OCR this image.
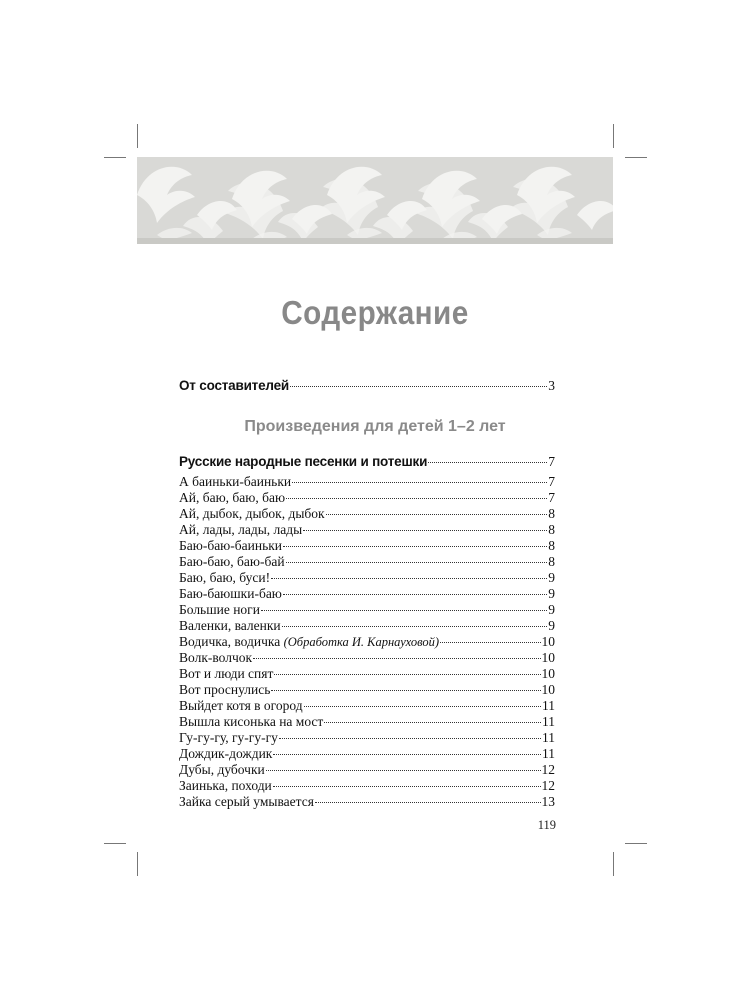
Содержание
От составителей	3
Произведения для детей 1–2 лет
Русские народные песенки и потешки	7
А баиньки-баиньки	7
Ай, баю, баю, баю	7
Ай, дыбок, дыбок, дыбок	8
Ай, лады, лады, лады	8
Баю-баю-баиньки	8
Баю-баю, баю-бай	8
Баю, баю, буси!	9
Баю-баюшки-баю	9
Большие ноги	9
Валенки, валенки	9
Водичка, водичка (Обработка И. Карнауховой)	10
Волк-волчок	10
Вот и люди спят	10
Вот проснулись	10
Выйдет котя в огород	11
Вышла кисонька на мост	11
Гу-гу-гу, гу-гу-гу	11
Дождик-дождик	11
Дубы, дубочки	12
Заинька, походи	12
Зайка серый умывается	13
119
